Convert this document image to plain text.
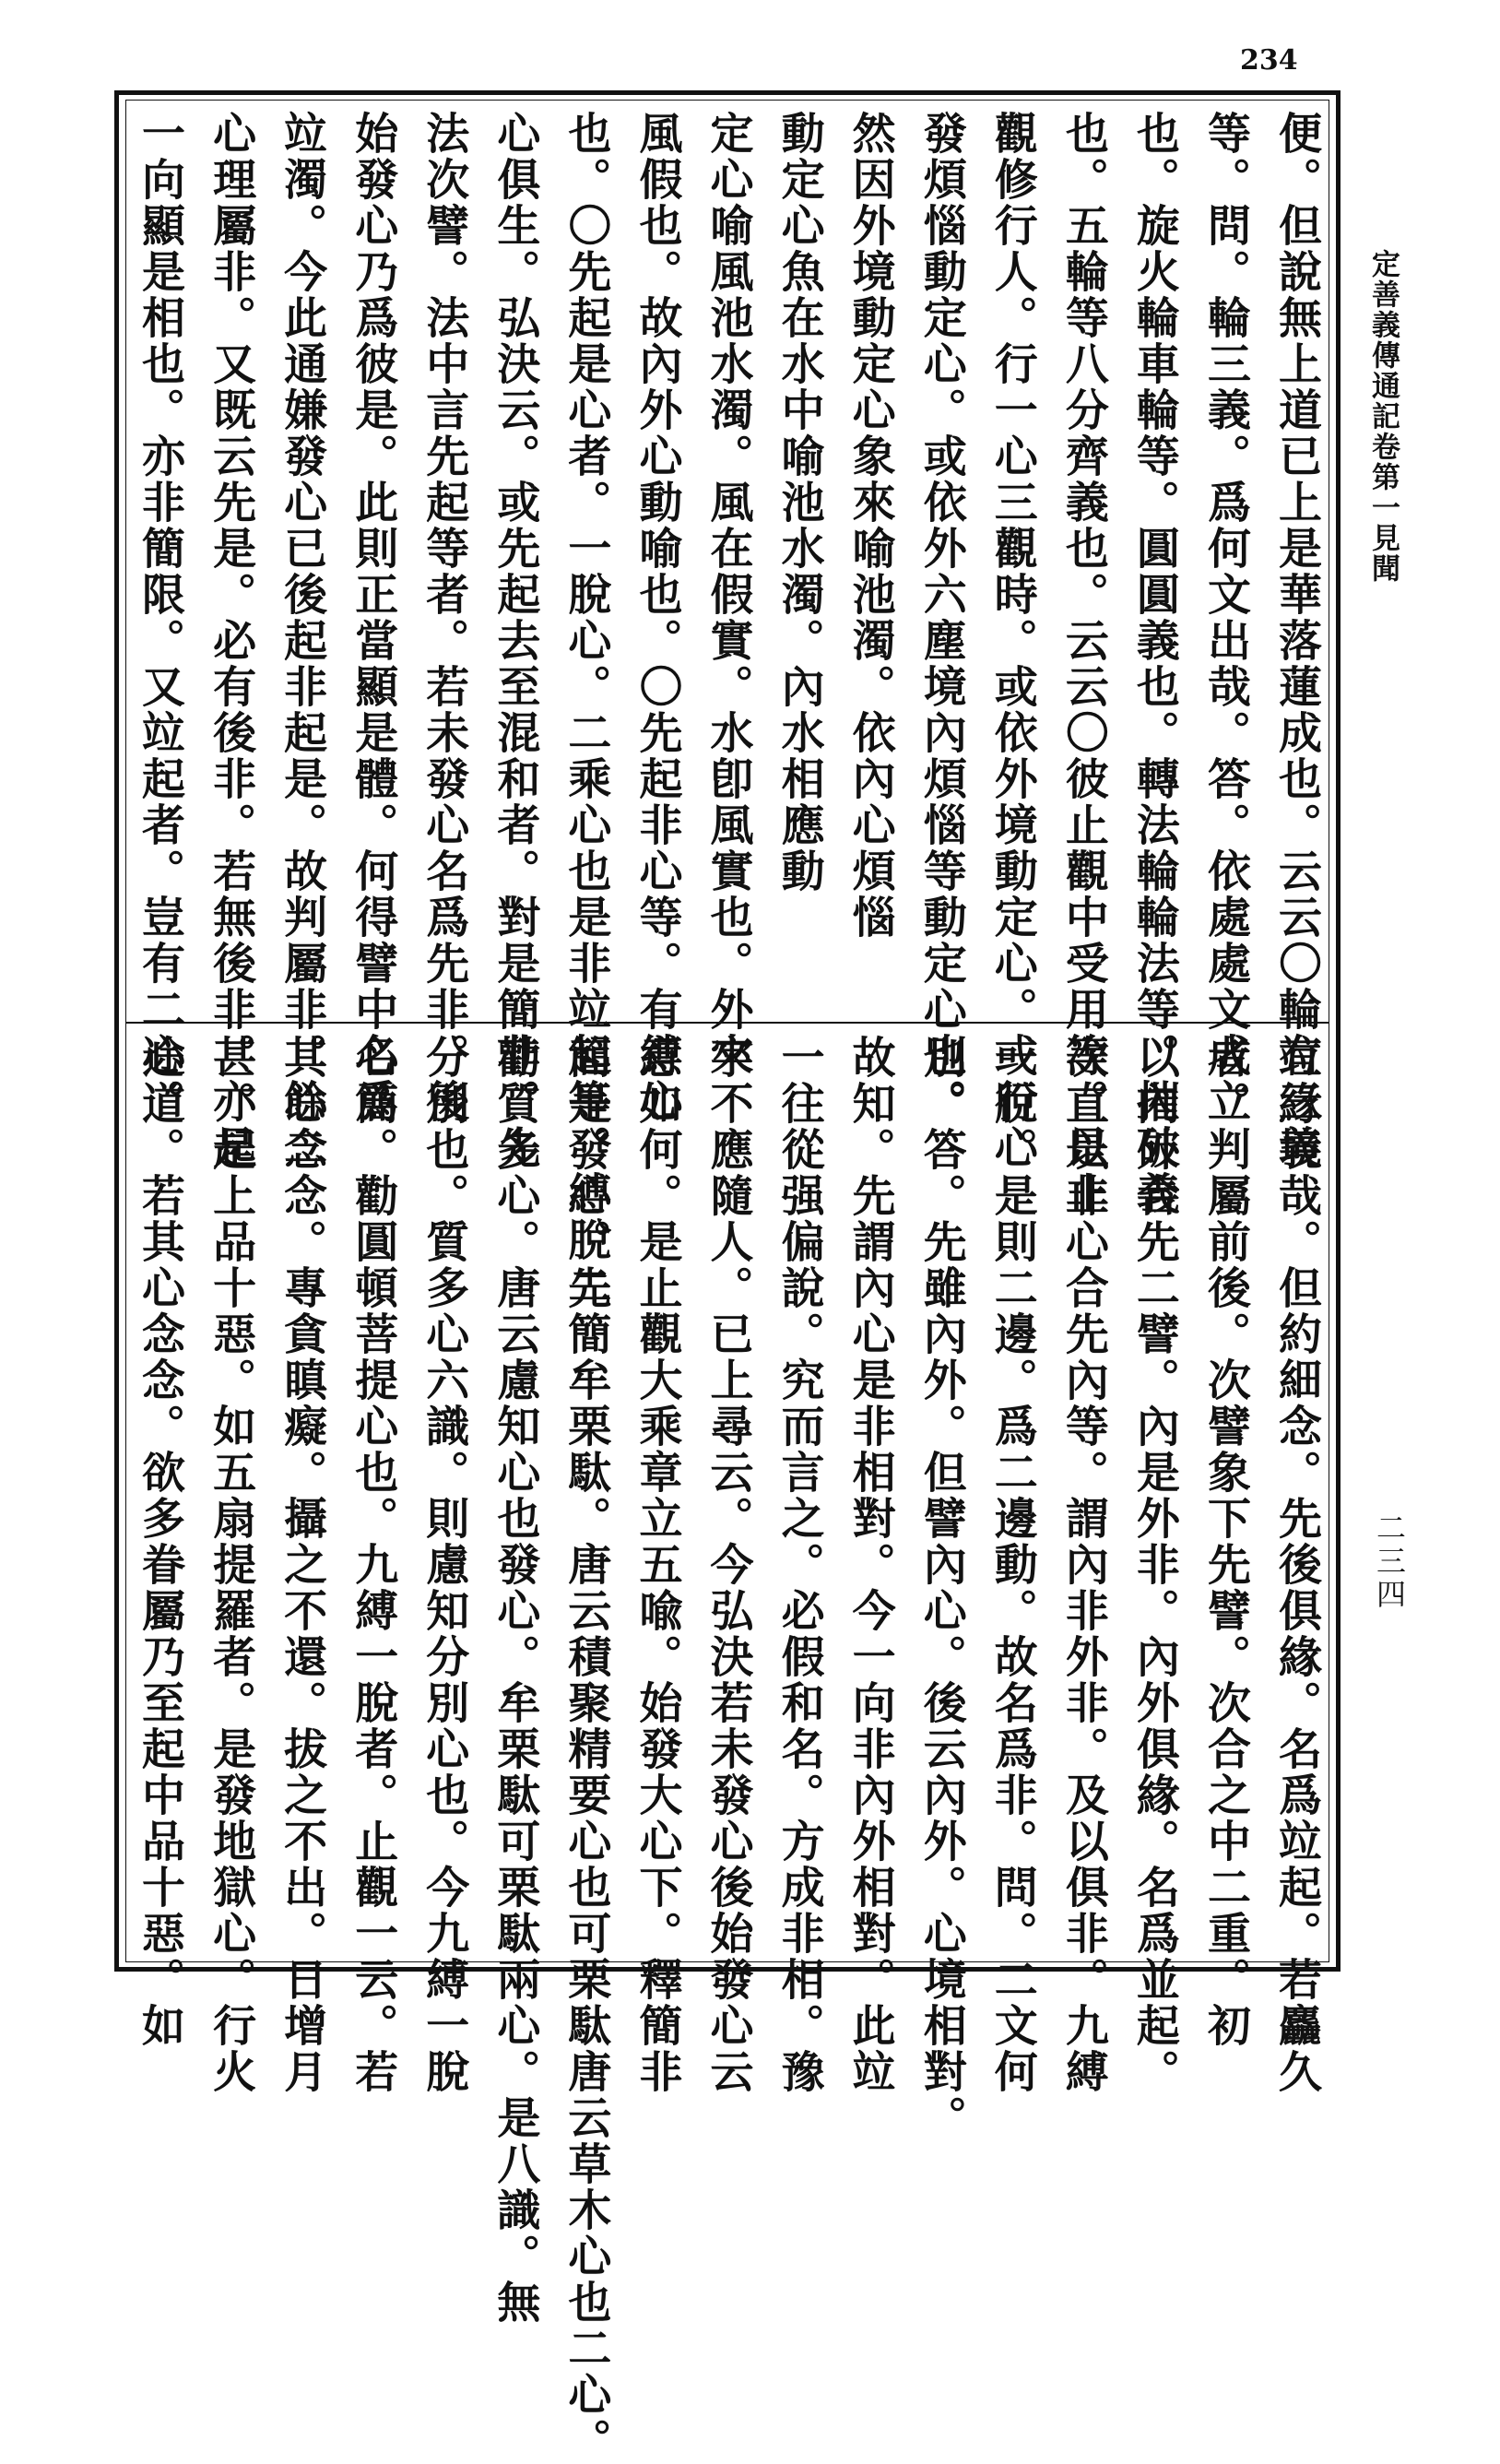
234
定善義傳通記卷第一見聞
二三四
便。但說無上道已上是華落蓮成也。云云〇輪有三義
等。問。輪三義。爲何文出哉。答。依處處文成立
也。旋火輪車輪等。圓圓義也。轉法輪輪法等。摧破義
也。五輪等八分齊義也。云云〇彼止觀中受用等。是止
觀修行人。行一心三觀時。或依外境動定心。或行心
發煩惱動定心。或依外六塵境內煩惱等動定心也。
然因外境動定心象來喻池濁。依內心煩惱
動定心魚在水中喻池水濁。內水相應動
定心喻風池水濁。風在假實。水卽風實也。外來
風假也。故內外心動喻也。〇先起非心等。有縛心
也。〇先起是心者。一脫心。二乘心也是非竝起等。縛脫二
心俱生。弘決云。或先起去至混和者。對是簡非。先
法次譬。法中言先起等者。若未發心名爲先非。後
始發心乃爲彼是。此則正當顯是體。何得譬中名爲
竝濁。今此通嫌發心已後起非起是。故判屬非。餘二
心理屬非。又既云先是。必有後非。若無後非。亦是
一向顯是相也。亦非簡限。又竝起者。豈有二心。
竝緣境哉。但約細念。先後俱緣。名爲竝起。若麤久
者。判屬前後。次譬象下先譬。次合之中二重。初
以內外合先二譬。內是外非。內外俱緣。名爲並起。
次直以非心合先內等。謂內非外非。及以俱非。九縛
一脫。是則二邊。爲二邊動。故名爲非。問。二文何
別。答。先雖內外。但譬內心。後云內外。心境相對。
故知。先謂內心是非相對。今一向非內外相對。此竝
一往從强偏說。究而言之。必假和名。方成非相。豫
字不應隨人。已上尋云。今弘決若未發心後始發心云
意如何。是止觀大乘章立五喩。始發大心下。釋簡非
簡是發心。先簡牟栗駄。唐云積聚精要心也可栗駄唐云草木心也二心。
勸質多心。唐云慮知心也發心。牟栗駄可栗駄兩心。是八識。無
分別也。質多心六識。則慮知分別心也。今九縛一脫
心簡。勸圓頓菩提心也。九縛一脫者。止觀一云。若
其心念念。專貪瞋癡。攝之不還。拔之不出。日增月
甚。起上品十惡。如五扇提羅者。是發地獄心。行火
途道。若其心念念。欲多眷屬乃至起中品十惡。如
